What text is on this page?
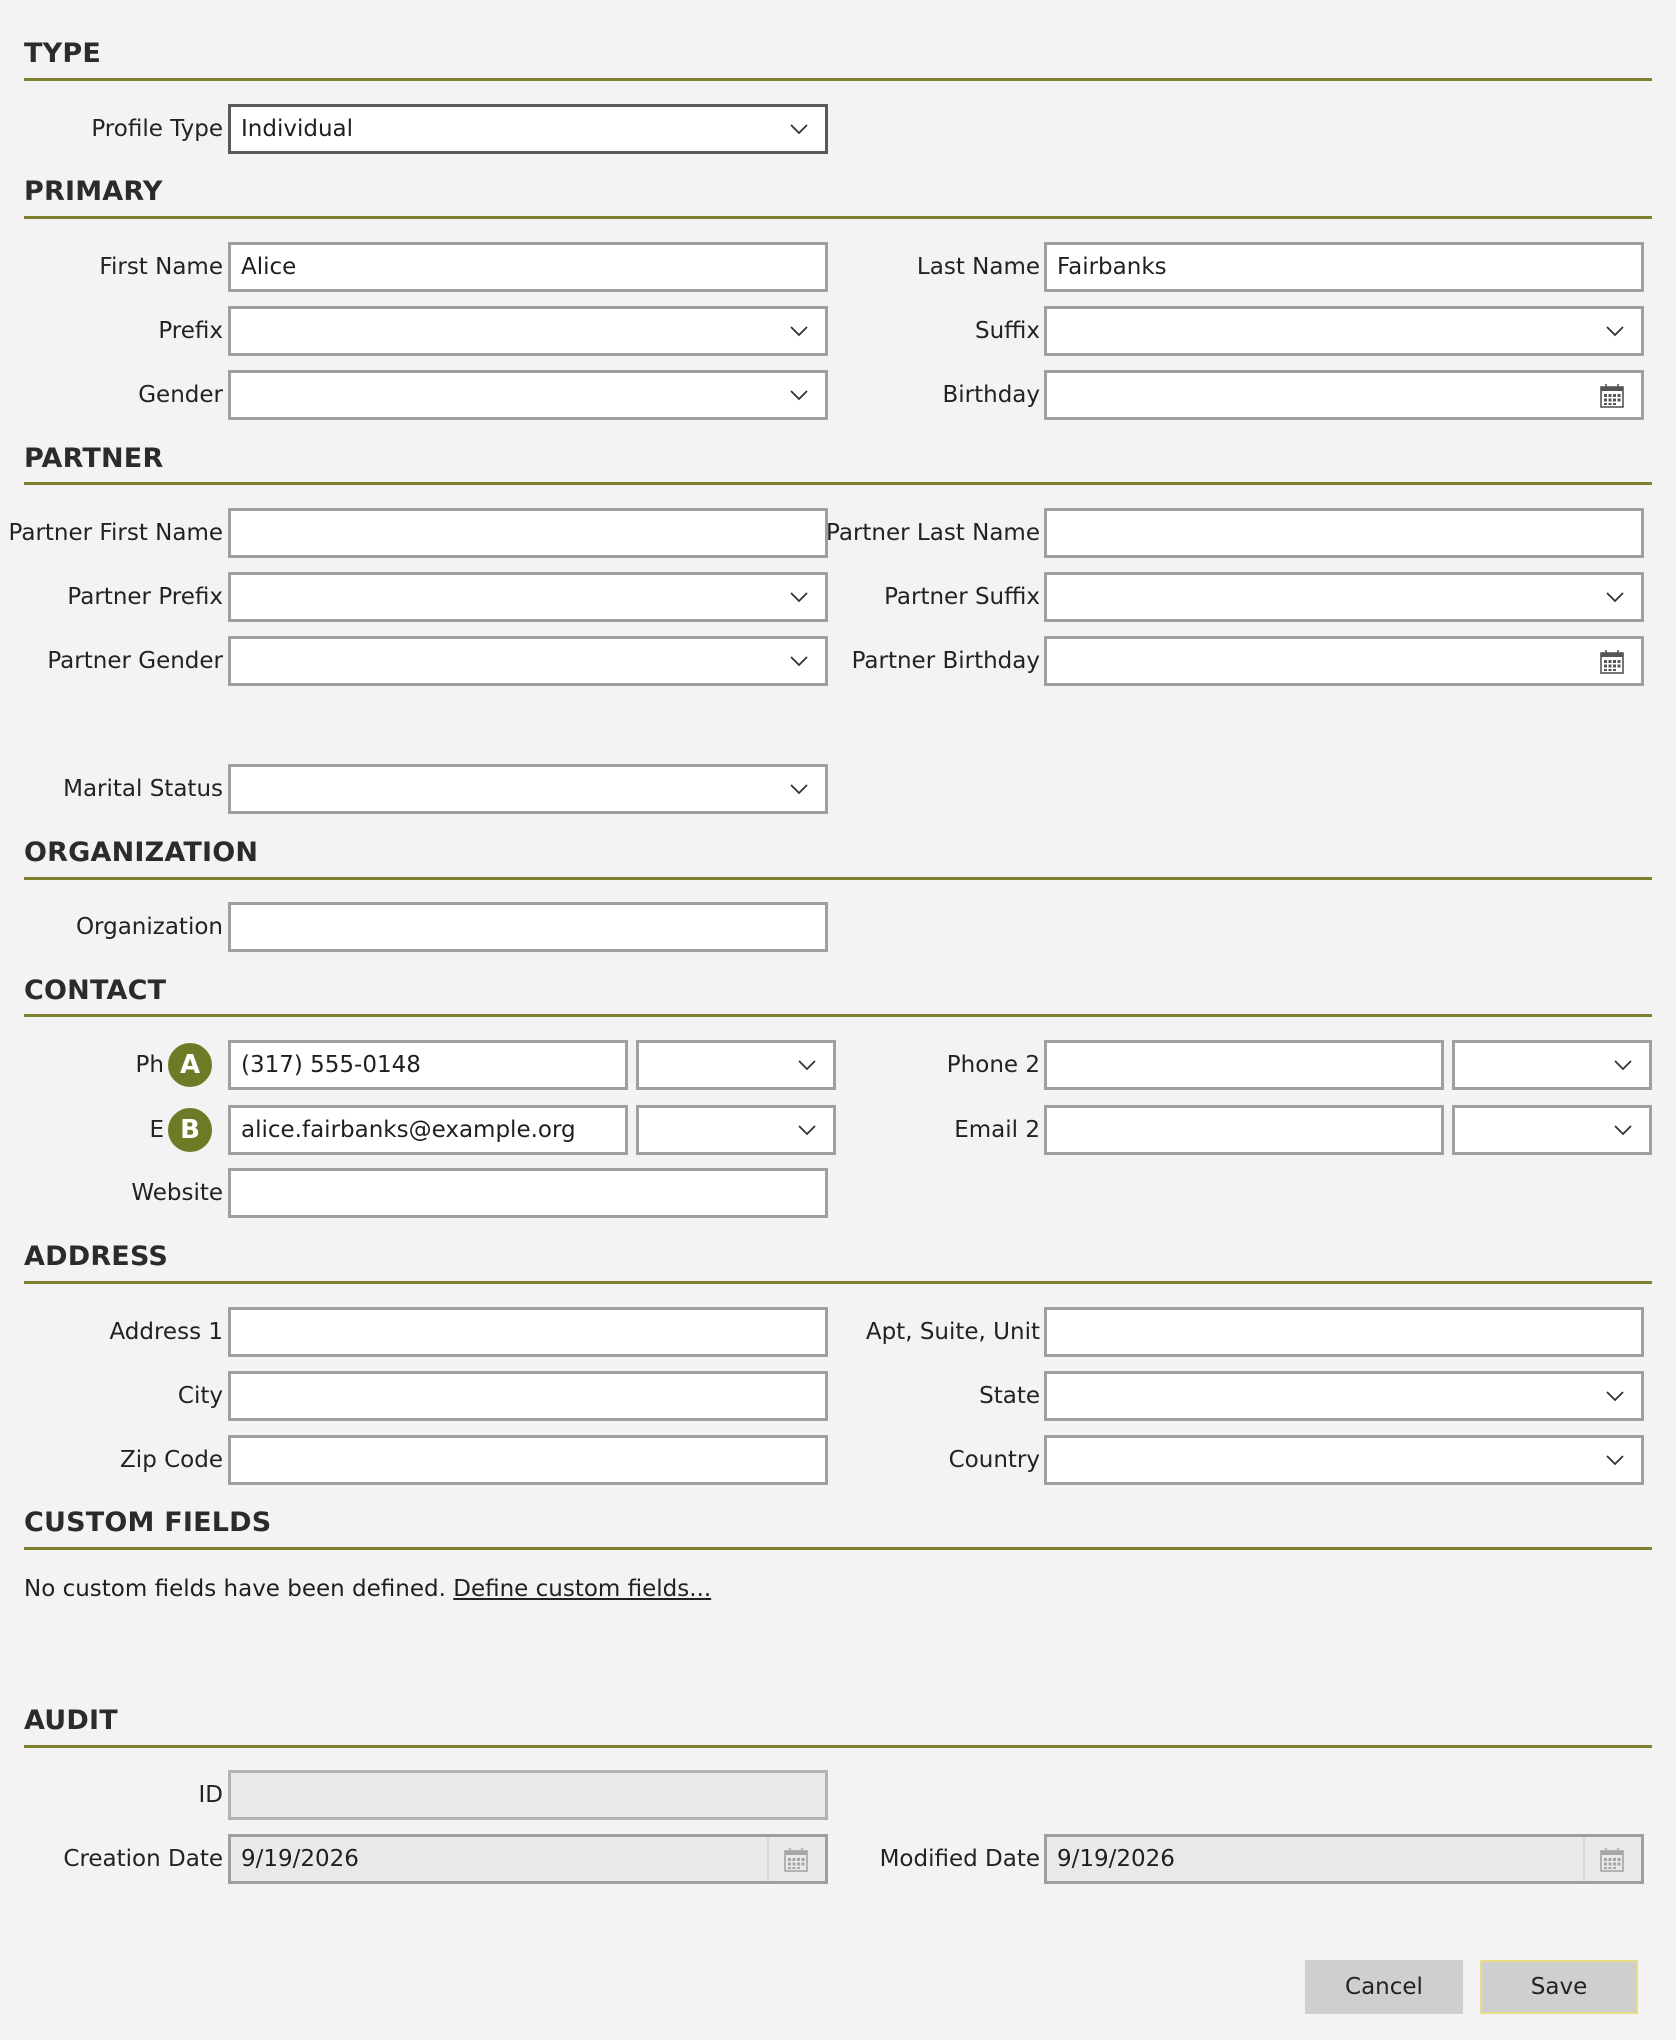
TYPE
Profile Type Individual
PRIMARY
First Name Alice	Last Name Fairbanks
Prefix	Suffix
Gender	Birthday
PARTNER
Partner First Name	Partner Last Name
Partner Prefix	Partner Suffix
Partner Gender	Partner Birthday
Marital Status
ORGANIZATION
Organization
CONTACT
Ph A	(317) 555-0148	Phone 2
E B	alice.fairbanks@example.org	Email 2
Website
ADDRESS
Address 1	Apt, Suite, Unit
City	State
Zip Code	Country
CUSTOM FIELDS
No custom fields have been defined. Define custom fields...
AUDIT
ID
Creation Date 9/19/2026	Modified Date 9/19/2026
Cancel	Save
